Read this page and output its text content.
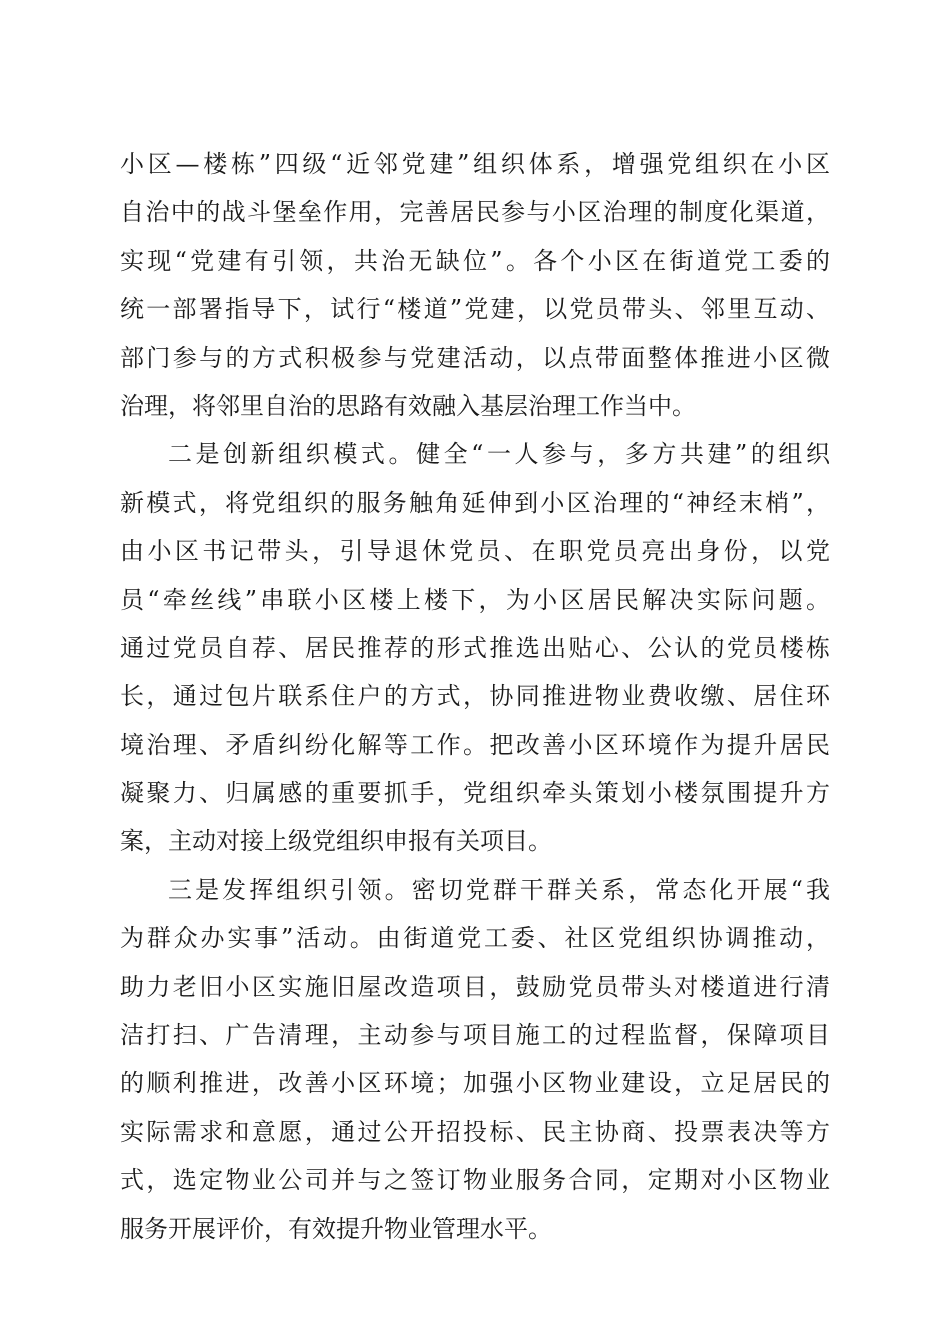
小区—楼栋”四级“近邻党建”组织体系，增强党组织在小区
自治中的战斗堡垒作用，完善居民参与小区治理的制度化渠道，
实现“党建有引领，共治无缺位”。各个小区在街道党工委的
统一部署指导下，试行“楼道”党建，以党员带头、邻里互动、
部门参与的方式积极参与党建活动，以点带面整体推进小区微
治理，将邻里自治的思路有效融入基层治理工作当中。
二是创新组织模式。健全“一人参与，多方共建”的组织
新模式，将党组织的服务触角延伸到小区治理的“神经末梢”，
由小区书记带头，引导退休党员、在职党员亮出身份，以党
员“牵丝线”串联小区楼上楼下，为小区居民解决实际问题。
通过党员自荐、居民推荐的形式推选出贴心、公认的党员楼栋
长，通过包片联系住户的方式，协同推进物业费收缴、居住环
境治理、矛盾纠纷化解等工作。把改善小区环境作为提升居民
凝聚力、归属感的重要抓手，党组织牵头策划小楼氛围提升方
案，主动对接上级党组织申报有关项目。
三是发挥组织引领。密切党群干群关系，常态化开展“我
为群众办实事”活动。由街道党工委、社区党组织协调推动，
助力老旧小区实施旧屋改造项目，鼓励党员带头对楼道进行清
洁打扫、广告清理，主动参与项目施工的过程监督，保障项目
的顺利推进，改善小区环境；加强小区物业建设，立足居民的
实际需求和意愿，通过公开招投标、民主协商、投票表决等方
式，选定物业公司并与之签订物业服务合同，定期对小区物业
服务开展评价，有效提升物业管理水平。
